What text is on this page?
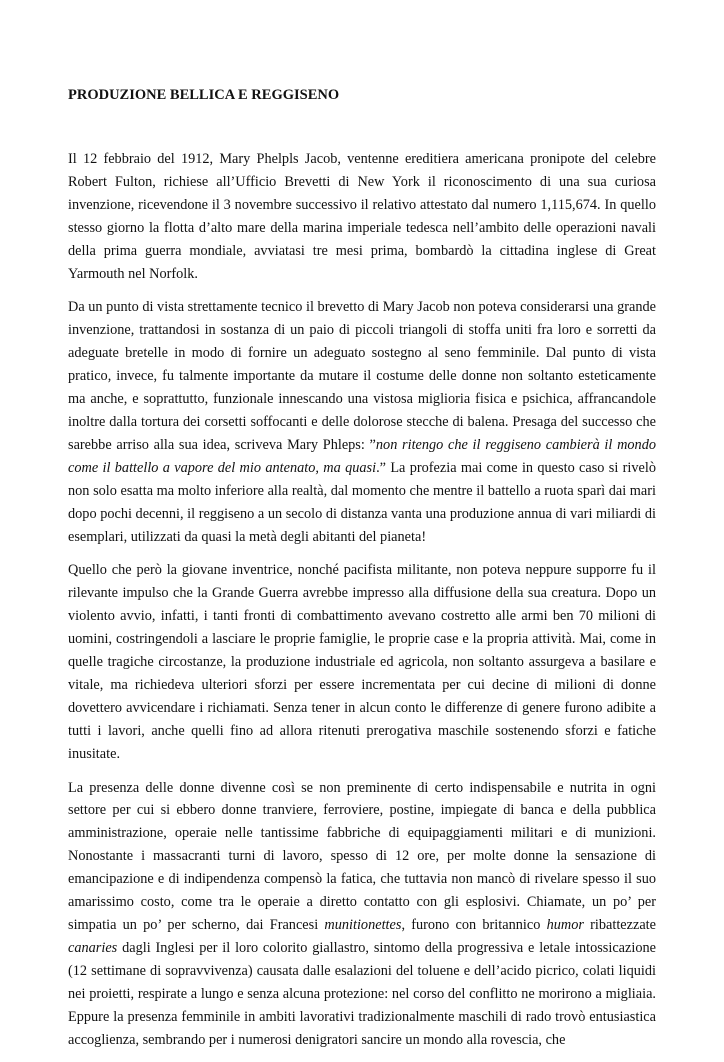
PRODUZIONE BELLICA E REGGISENO

Il 12 febbraio del 1912, Mary Phelpls Jacob, ventenne ereditiera americana pronipote del celebre Robert Fulton, richiese all’Ufficio Brevetti di New York il riconoscimento di una sua curiosa invenzione, ricevendone il 3 novembre successivo il relativo attestato dal numero 1,115,674. In quello stesso giorno la flotta d’alto mare della marina imperiale tedesca nell’ambito delle operazioni navali della prima guerra mondiale, avviatasi tre mesi prima, bombardò la cittadina inglese di Great Yarmouth nel Norfolk.

Da un punto di vista strettamente tecnico il brevetto di Mary Jacob non poteva considerarsi una grande invenzione, trattandosi in sostanza di un paio di piccoli triangoli di stoffa uniti fra loro e sorretti da adeguate bretelle in modo di fornire un adeguato sostegno al seno femminile. Dal punto di vista pratico, invece, fu talmente importante da mutare il costume delle donne non soltanto esteticamente ma anche, e soprattutto, funzionale innescando una vistosa miglioria fisica e psichica, affrancandole inoltre dalla tortura dei corsetti soffocanti e delle dolorose stecche di balena. Presaga del successo che sarebbe arriso alla sua idea, scriveva Mary Phleps: ”non ritengo che il reggiseno cambierà il mondo come il battello a vapore del mio antenato, ma quasi.” La profezia mai come in questo caso si rivelò non solo esatta ma molto inferiore alla realtà, dal momento che mentre il battello a ruota sparì dai mari dopo pochi decenni, il reggiseno a un secolo di distanza vanta una produzione annua di vari miliardi di esemplari, utilizzati da quasi la metà degli abitanti del pianeta!

Quello che però la giovane inventrice, nonché pacifista militante, non poteva neppure supporre fu il rilevante impulso che la Grande Guerra avrebbe impresso alla diffusione della sua creatura. Dopo un violento avvio, infatti, i tanti fronti di combattimento avevano costretto alle armi ben 70 milioni di uomini, costringendoli a lasciare le proprie famiglie, le proprie case e la propria attività. Mai, come in quelle tragiche circostanze, la produzione industriale ed agricola, non soltanto assurgeva a basilare e vitale, ma richiedeva ulteriori sforzi per essere incrementata per cui decine di milioni di donne dovettero avvicendare i richiamati. Senza tener in alcun conto le differenze di genere furono adibite a tutti i lavori, anche quelli fino ad allora ritenuti prerogativa maschile sostenendo sforzi e fatiche inusitate.

La presenza delle donne divenne così se non preminente di certo indispensabile e nutrita in ogni settore per cui si ebbero donne tranviere, ferroviere, postine, impiegate di banca e della pubblica amministrazione, operaie nelle tantissime fabbriche di equipaggiamenti militari e di munizioni. Nonostante i massacranti turni di lavoro, spesso di 12 ore, per molte donne la sensazione di emancipazione e di indipendenza compensò la fatica, che tuttavia non mancò di rivelare spesso il suo amarissimo costo, come tra le operaie a diretto contatto con gli esplosivi. Chiamate, un po’ per simpatia un po’ per scherno, dai Francesi munitionettes, furono con britannico humor ribattezzate canaries dagli Inglesi per il loro colorito giallastro, sintomo della progressiva e letale intossicazione (12 settimane di sopravvivenza) causata dalle esalazioni del toluene e dell’acido picrico, colati liquidi nei proietti, respirate a lungo e senza alcuna protezione: nel corso del conflitto ne morirono a migliaia. Eppure la presenza femminile in ambiti lavorativi tradizionalmente maschili di rado trovò entusiastica accoglienza, sembrando per i numerosi denigratori sancire un mondo alla rovescia, che
